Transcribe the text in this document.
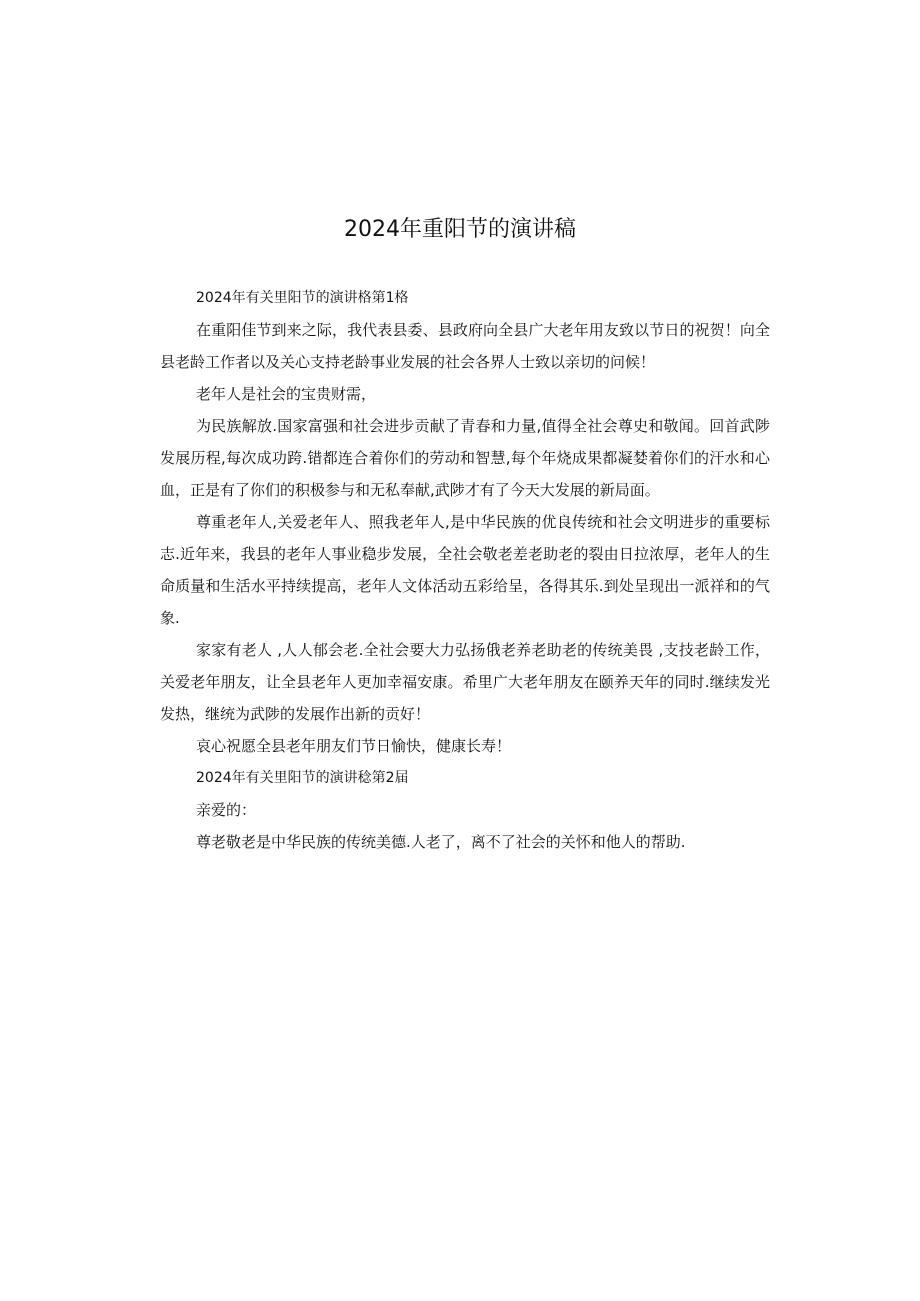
2024年重阳节的演讲稿

2024年有关里阳节的演讲格第1格

在重阳佳节到来之际，我代表县委、县政府向全县广大老年用友致以节日的祝贺！向全县老龄工作者以及关心支持老龄事业发展的社会各界人士致以亲切的问候！

老年人是社会的宝贵财需，

为民族解放.国家富强和社会进步贡献了青春和力量,值得全社会尊史和敬闻。回首武陟发展历程,每次成功跨.错都连合着你们的劳动和智慧,每个年烧成果都凝婪着你们的汗水和心血，正是有了你们的积极参与和无私奉献,武陟才有了今天大发展的新局面。

尊重老年人,关爱老年人、照我老年人,是中华民族的优良传统和社会文明进步的重要标志.近年来，我县的老年人事业稳步发展，全社会敬老差老助老的裂由日拉浓厚，老年人的生命质量和生活水平持续提高，老年人文体活动五彩给呈，各得其乐.到处呈现出一派祥和的气象.

家家有老人 ,人人郁会老.全社会要大力弘扬俄老养老助老的传统美畏 ,支技老龄工作，关爱老年朋友，让全县老年人更加幸福安康。希里广大老年朋友在颐养天年的同时.继续发光发热，继统为武陟的发展作出新的贡好！

哀心祝愿全县老年朋友们节日愉快，健康长寿！

2024年有关里阳节的演讲稔第2届

亲爱的：

尊老敬老是中华民族的传统美德.人老了，离不了社会的关怀和他人的帮助.
